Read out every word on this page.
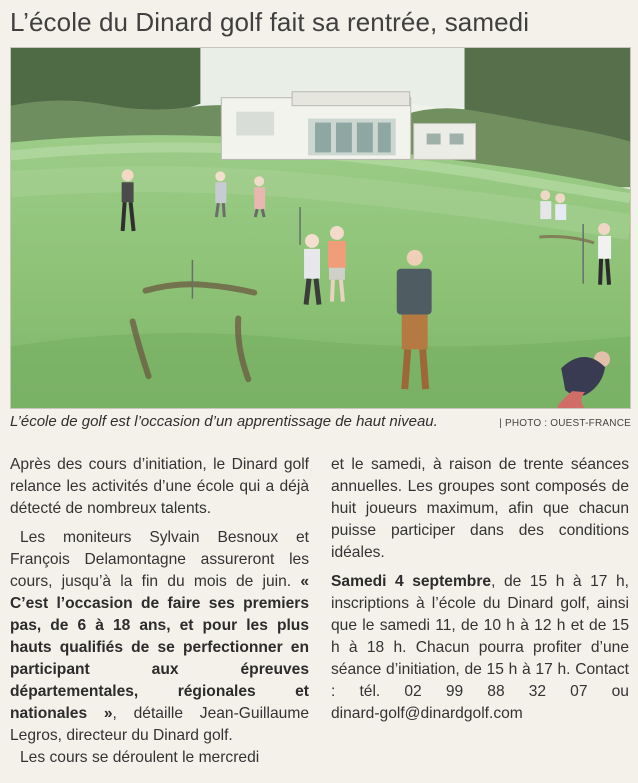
L’école du Dinard golf fait sa rentrée, samedi
L’école de golf est l’occasion d’un apprentissage de haut niveau.	| PHOTO : OUEST-FRANCE

Après des cours d’initiation, le Dinard golf relance les activités d’une école qui a déjà détecté de nombreux talents.

Les moniteurs Sylvain Besnoux et François Delamontagne assureront les cours, jusqu’à la fin du mois de juin. « C’est l’occasion de faire ses premiers pas, de 6 à 18 ans, et pour les plus hauts qualifiés de se perfectionner en participant aux épreuves départementales, régionales et nationales », détaille Jean-Guillaume Legros, directeur du Dinard golf.

Les cours se déroulent le mercredi

et le samedi, à raison de trente séances annuelles. Les groupes sont composés de huit joueurs maximum, afin que chacun puisse participer dans des conditions idéales.

Samedi 4 septembre, de 15 h à 17 h, inscriptions à l’école du Dinard golf, ainsi que le samedi 11, de 10 h à 12 h et de 15 h à 18 h. Chacun pourra profiter d’une séance d’initiation, de 15 h à 17 h. Contact : tél. 02 99 88 32 07 ou dinard-golf@dinardgolf.com
